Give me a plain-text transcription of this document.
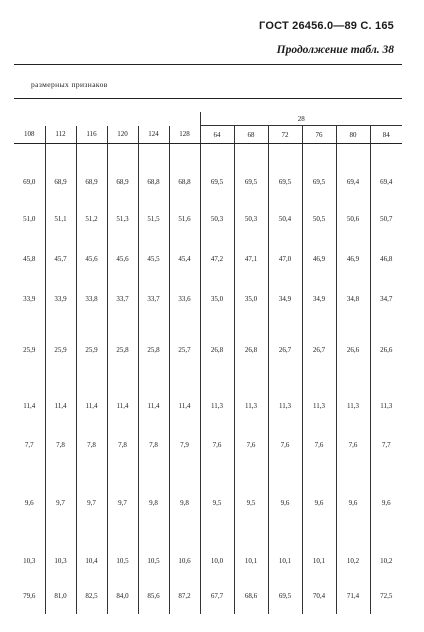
ГОСТ 26456.0—89 С. 165
Продолжение табл. 38
размерных признаков
						28					
108	112	116	120	124	128	64	68	72	76	80	84
69,0	68,9	68,9	68,9	68,8	68,8	69,5	69,5	69,5	69,5	69,4	69,4
51,0	51,1	51,2	51,3	51,5	51,6	50,3	50,3	50,4	50,5	50,6	50,7
45,8	45,7	45,6	45,6	45,5	45,4	47,2	47,1	47,0	46,9	46,9	46,8
33,9	33,9	33,8	33,7	33,7	33,6	35,0	35,0	34,9	34,9	34,8	34,7
25,9	25,9	25,9	25,8	25,8	25,7	26,8	26,8	26,7	26,7	26,6	26,6
11,4	11,4	11,4	11,4	11,4	11,4	11,3	11,3	11,3	11,3	11,3	11,3
7,7	7,8	7,8	7,8	7,8	7,9	7,6	7,6	7,6	7,6	7,6	7,7
9,6	9,7	9,7	9,7	9,8	9,8	9,5	9,5	9,6	9,6	9,6	9,6
10,3	10,3	10,4	10,5	10,5	10,6	10,0	10,1	10,1	10,1	10,2	10,2
79,6	81,0	82,5	84,0	85,6	87,2	67,7	68,6	69,5	70,4	71,4	72,5
